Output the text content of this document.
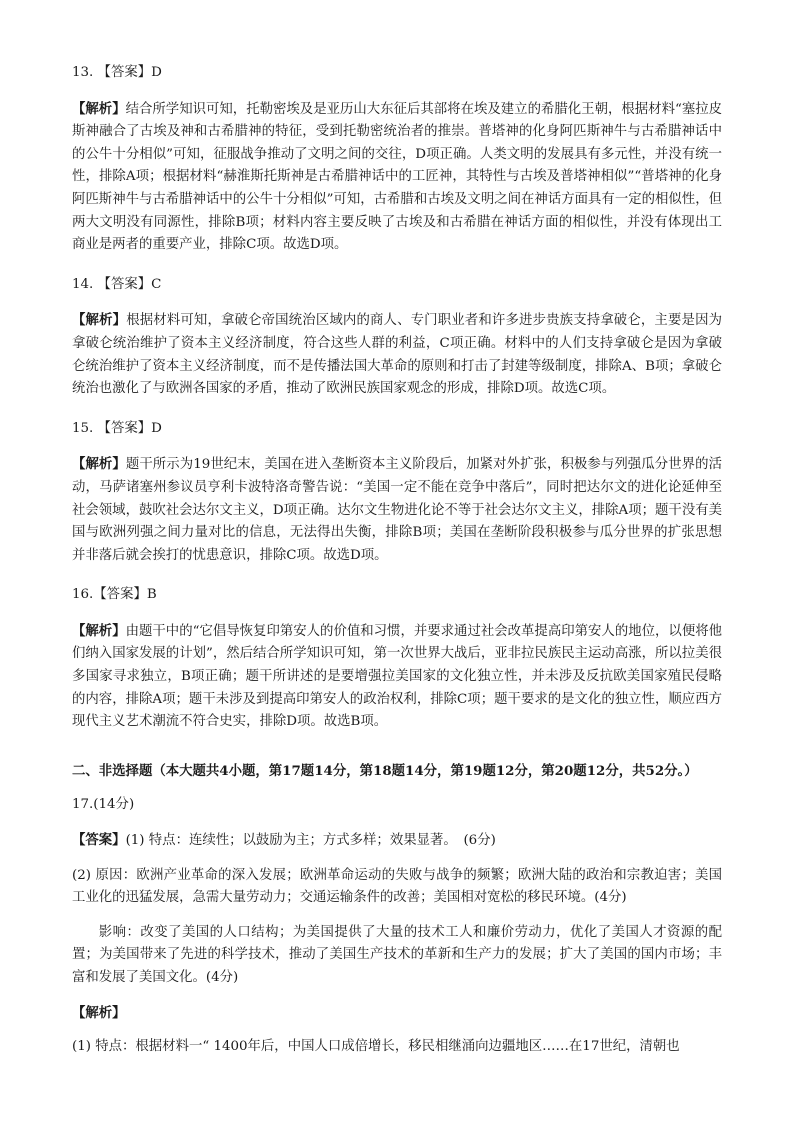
13. 【答案】D

【解析】结合所学知识可知，托勒密埃及是亚历山大东征后其部将在埃及建立的希腊化王朝，根据材料“塞拉皮斯神融合了古埃及神和古希腊神的特征，受到托勒密统治者的推崇。普塔神的化身阿匹斯神牛与古希腊神话中的公牛十分相似”可知，征服战争推动了文明之间的交往，D项正确。人类文明的发展具有多元性，并没有统一性，排除A项；根据材料“赫淮斯托斯神是古希腊神话中的工匠神，其特性与古埃及普塔神相似”“普塔神的化身阿匹斯神牛与古希腊神话中的公牛十分相似”可知，古希腊和古埃及文明之间在神话方面具有一定的相似性，但两大文明没有同源性，排除B项；材料内容主要反映了古埃及和古希腊在神话方面的相似性，并没有体现出工商业是两者的重要产业，排除C项。故选D项。

14. 【答案】C

【解析】根据材料可知，拿破仑帝国统治区域内的商人、专门职业者和许多进步贵族支持拿破仑，主要是因为拿破仑统治维护了资本主义经济制度，符合这些人群的利益，C项正确。材料中的人们支持拿破仑是因为拿破仑统治维护了资本主义经济制度，而不是传播法国大革命的原则和打击了封建等级制度，排除A、B项；拿破仑统治也激化了与欧洲各国家的矛盾，推动了欧洲民族国家观念的形成，排除D项。故选C项。

15. 【答案】D

【解析】题干所示为19世纪末，美国在进入垄断资本主义阶段后，加紧对外扩张，积极参与列强瓜分世界的活动，马萨诸塞州参议员亨利卡波特洛奇警告说：“美国一定不能在竞争中落后”，同时把达尔文的进化论延伸至社会领域，鼓吹社会达尔文主义，D项正确。达尔文生物进化论不等于社会达尔文主义，排除A项；题干没有美国与欧洲列强之间力量对比的信息，无法得出失衡，排除B项；美国在垄断阶段积极参与瓜分世界的扩张思想并非落后就会挨打的忧患意识，排除C项。故选D项。

16.【答案】B

【解析】由题干中的“它倡导恢复印第安人的价值和习惯，并要求通过社会改革提高印第安人的地位，以便将他们纳入国家发展的计划”，然后结合所学知识可知，第一次世界大战后，亚非拉民族民主运动高涨，所以拉美很多国家寻求独立，B项正确；题干所讲述的是要增强拉美国家的文化独立性，并未涉及反抗欧美国家殖民侵略的内容，排除A项；题干未涉及到提高印第安人的政治权利，排除C项；题干要求的是文化的独立性，顺应西方现代主义艺术潮流不符合史实，排除D项。故选B项。

二、非选择题（本大题共4小题，第17题14分，第18题14分，第19题12分，第20题12分，共52分。）

17.(14分)

【答案】(1) 特点：连续性；以鼓励为主；方式多样；效果显著。　(6分)

(2) 原因：欧洲产业革命的深入发展；欧洲革命运动的失败与战争的频繁；欧洲大陆的政治和宗教迫害；美国工业化的迅猛发展，急需大量劳动力；交通运输条件的改善；美国相对宽松的移民环境。(4分)

影响：改变了美国的人口结构；为美国提供了大量的技术工人和廉价劳动力，优化了美国人才资源的配置；为美国带来了先进的科学技术，推动了美国生产技术的革新和生产力的发展；扩大了美国的国内市场；丰富和发展了美国文化。(4分)

【解析】

(1) 特点：根据材料一“ 1400年后，中国人口成倍增长，移民相继涌向边疆地区……在17世纪，清朝也
